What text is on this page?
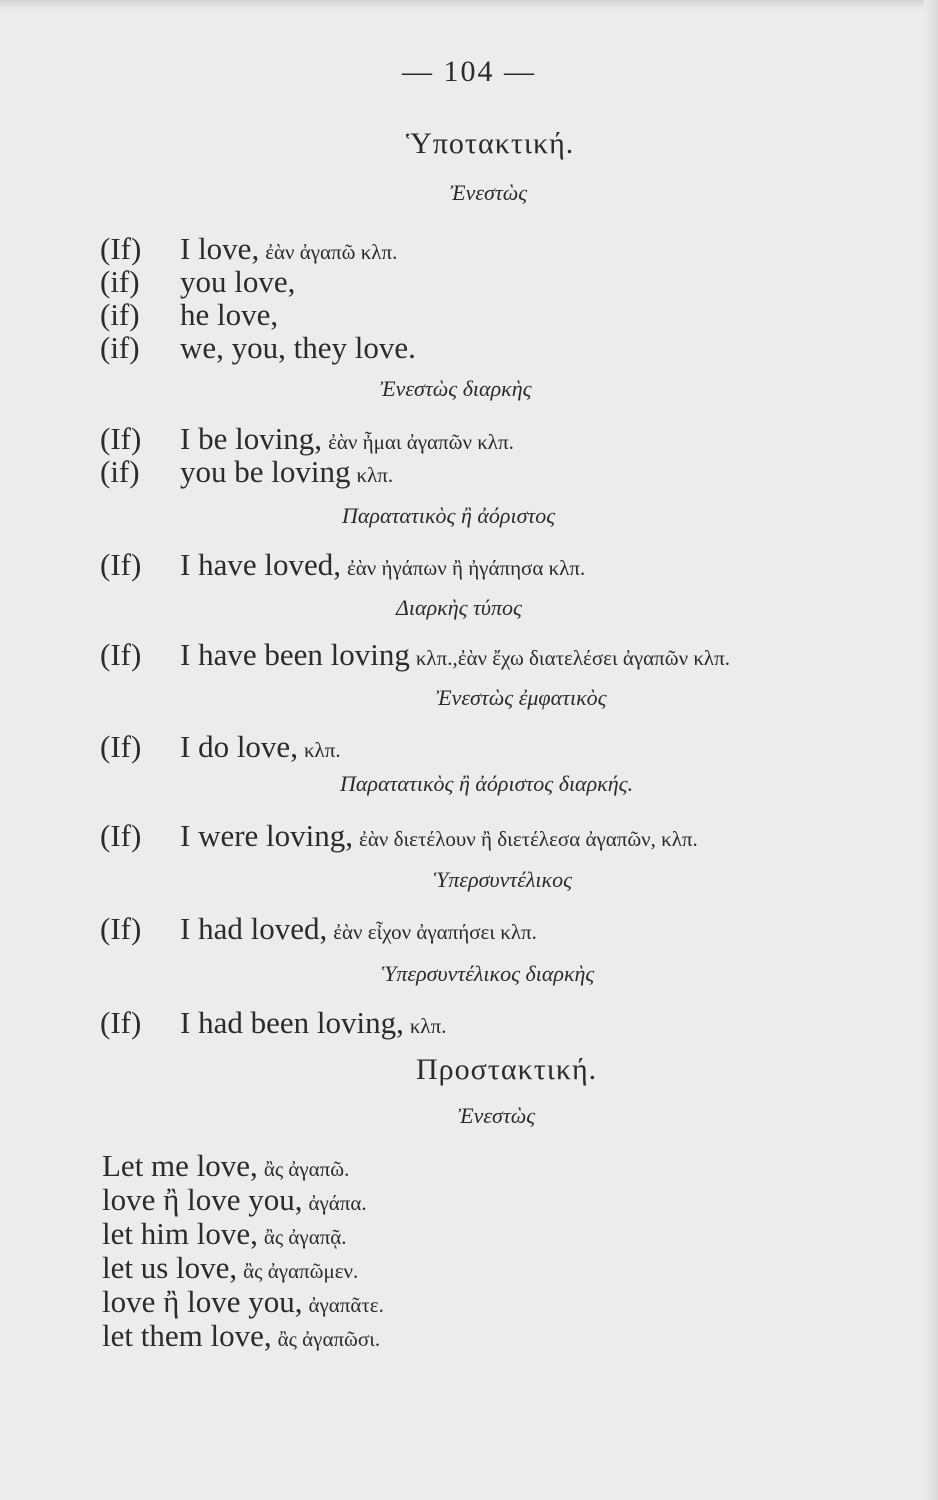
— 104 —
Ὑποτακτική.
Ἐνεστὼς
(If) I love, ἐὰν ἀγαπῶ κλπ.
(if) you love,
(if) he love,
(if) we, you, they love.
Ἐνεστὼς διαρκὴς
(If) I be loving, ἐὰν ἦμαι ἀγαπῶν κλπ.
(if) you be loving κλπ.
Παρατατικὸς ἢ ἀόριστος
(If) I have loved, ἐὰν ἠγάπων ἢ ἠγάπησα κλπ.
Διαρκὴς τύπος
(If) I have been loving κλπ.,ἐὰν ἔχω διατελέσει ἀγαπῶν κλπ.
Ἐνεστὼς ἐμφατικὸς
(If) I do love, κλπ.
Παρατατικὸς ἢ ἀόριστος διαρκής.
(If) I were loving, ἐὰν διετέλουν ἢ διετέλεσα ἀγαπῶν, κλπ.
Ὑπερσυντέλικος
(If) I had loved, ἐὰν εἶχον ἀγαπήσει κλπ.
Ὑπερσυντέλικος διαρκὴς
(If) I had been loving, κλπ.
Προστακτική.
Ἐνεστὼς
Let me love, ἂς ἀγαπῶ.
love ἢ love you, ἀγάπα.
let him love, ἂς ἀγαπᾷ.
let us love, ἂς ἀγαπῶμεν.
love ἢ love you, ἀγαπᾶτε.
let them love, ἂς ἀγαπῶσι.
